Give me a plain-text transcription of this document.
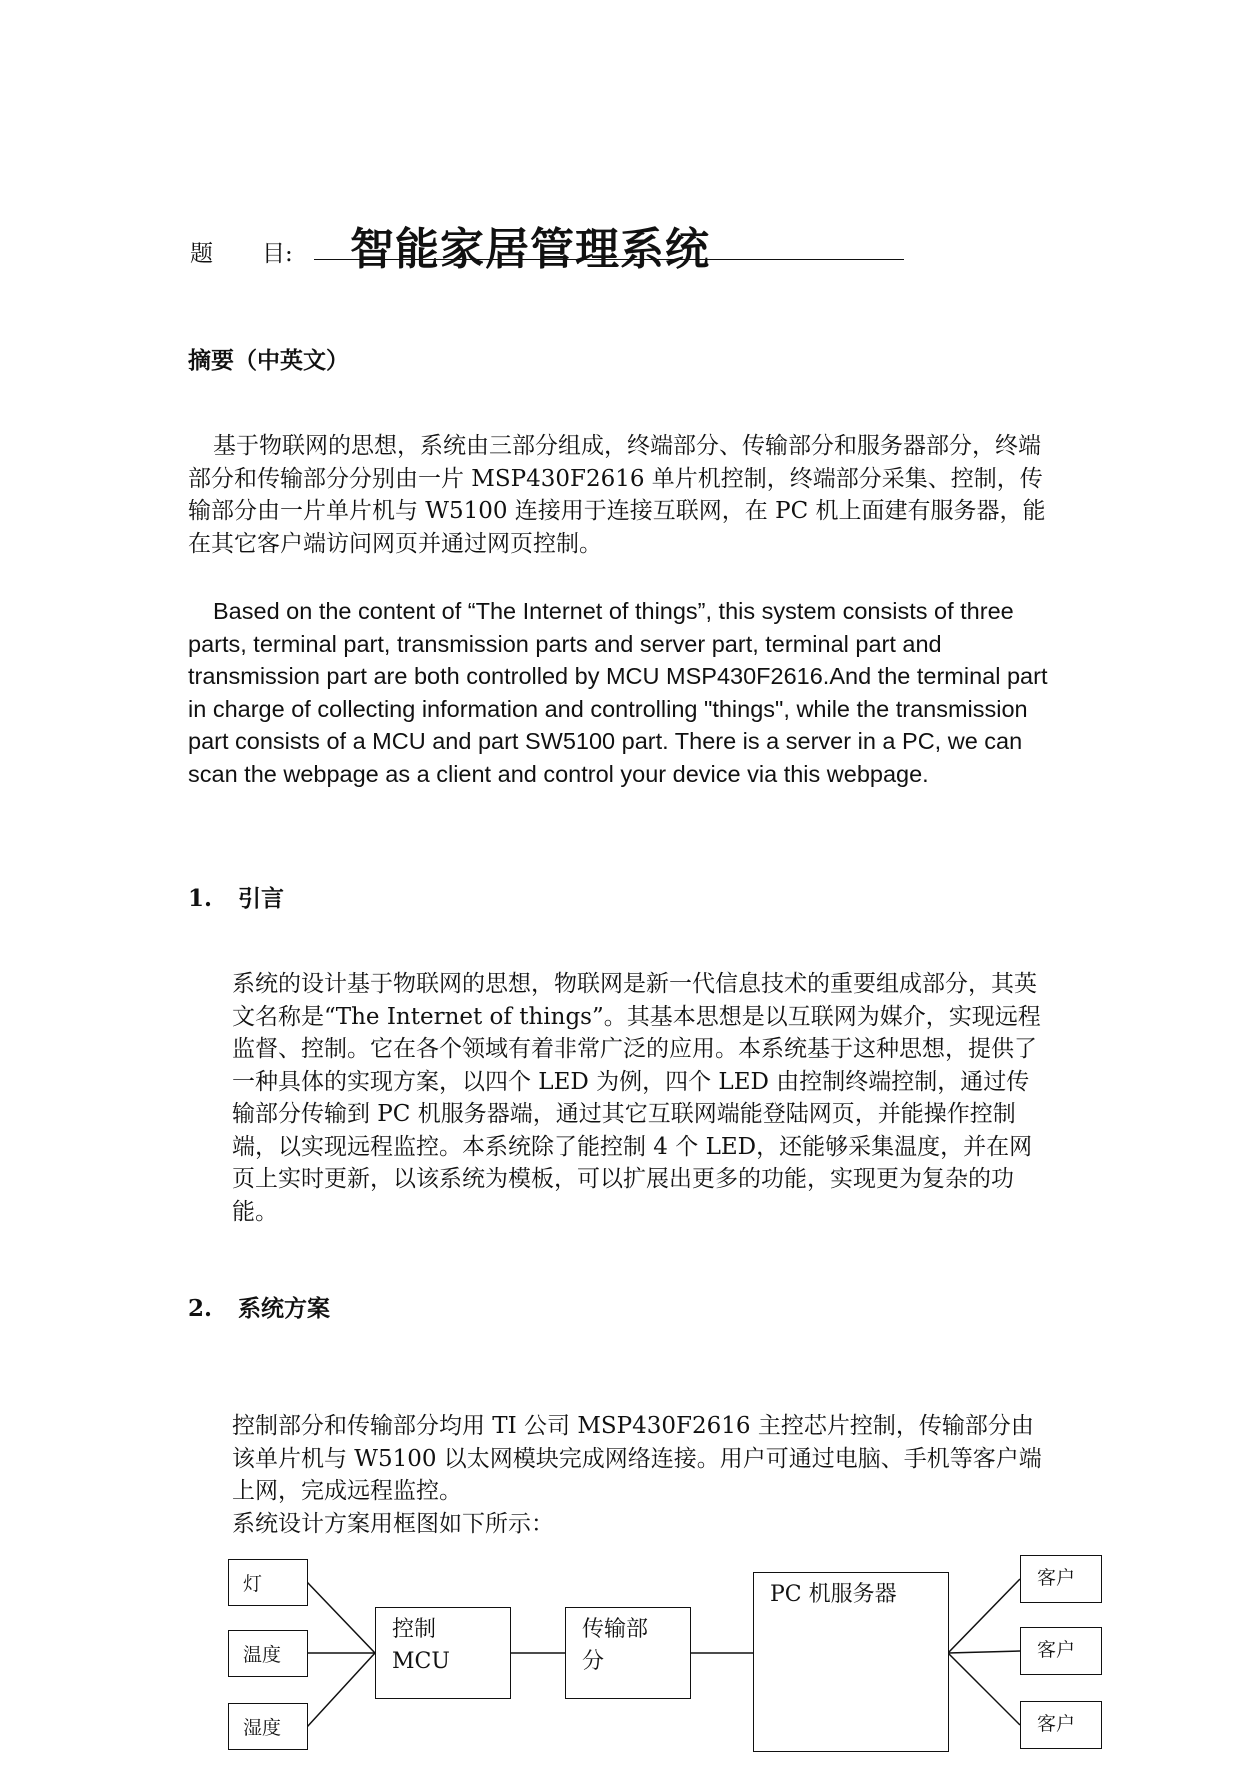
题 目: 智能家居管理系统
摘要（中英文）

基于物联网的思想，系统由三部分组成，终端部分、传输部分和服务器部分，终端部分和传输部分分别由一片 MSP430F2616 单片机控制，终端部分采集、控制，传输部分由一片单片机与 W5100 连接用于连接互联网，在 PC 机上面建有服务器，能在其它客户端访问网页并通过网页控制。

Based on the content of “The Internet of things”, this system consists of three parts, terminal part, transmission parts and server part, terminal part and transmission part are both controlled by MCU MSP430F2616.And the terminal part in charge of collecting information and controlling "things", while the transmission part consists of a MCU and part SW5100 part. There is a server in a PC, we can scan the webpage as a client and control your device via this webpage.

1. 引言

系统的设计基于物联网的思想，物联网是新一代信息技术的重要组成部分，其英文名称是“The Internet of things”。其基本思想是以互联网为媒介，实现远程监督、控制。它在各个领域有着非常广泛的应用。本系统基于这种思想，提供了一种具体的实现方案，以四个 LED 为例，四个 LED 由控制终端控制，通过传输部分传输到 PC 机服务器端，通过其它互联网端能登陆网页，并能操作控制端，以实现远程监控。本系统除了能控制 4 个 LED，还能够采集温度，并在网页上实时更新，以该系统为模板，可以扩展出更多的功能，实现更为复杂的功能。

2. 系统方案

控制部分和传输部分均用 TI 公司 MSP430F2616 主控芯片控制，传输部分由该单片机与 W5100 以太网模块完成网络连接。用户可通过电脑、手机等客户端上网，完成远程监控。

系统设计方案用框图如下所示：

灯
温度
湿度
控制
MCU
传输部
分
PC 机服务器
客户
客户
客户
